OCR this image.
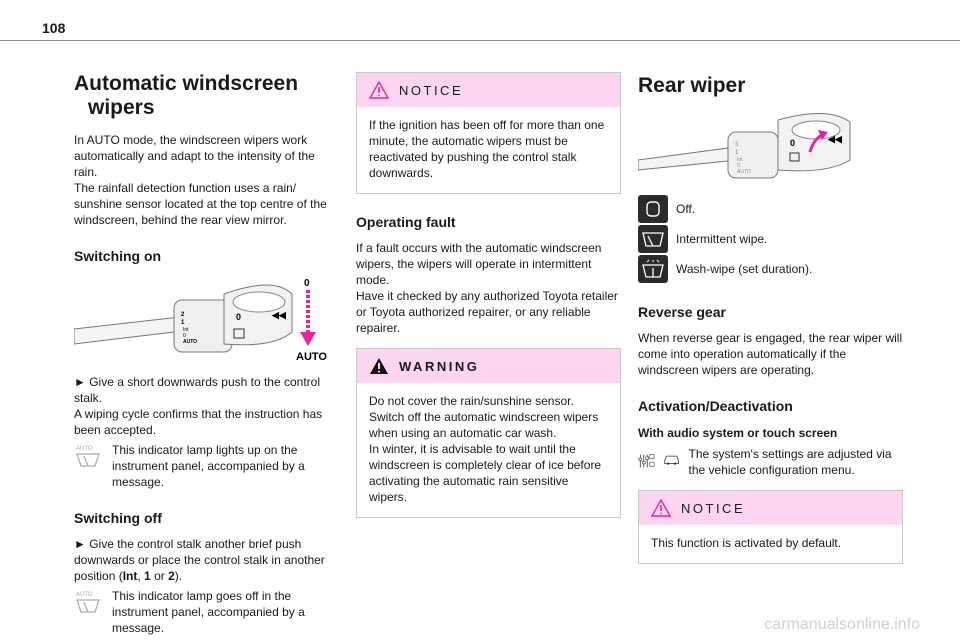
108
Automatic windscreen
wipers

In AUTO mode, the windscreen wipers work automatically and adapt to the intensity of the rain.

The rainfall detection function uses a rain/ sunshine sensor located at the top centre of the windscreen, behind the rear view mirror.

Switching on
0	◀◀
2
1
Int
0
AUTO
0
AUTO

► Give a short downwards push to the control stalk.

A wiping cycle confirms that the instruction has been accepted.

AUTO This indicator lamp lights up on the instrument panel, accompanied by a message.

Switching off

► Give the control stalk another brief push downwards or place the control stalk in another position (Int, 1 or 2).

AUTO This indicator lamp goes off in the instrument panel, accompanied by a message.

NOTICE

If the ignition has been off for more than one minute, the automatic wipers must be reactivated by pushing the control stalk downwards.

Operating fault

If a fault occurs with the automatic windscreen wipers, the wipers will operate in intermittent mode.

Have it checked by any authorized Toyota retailer or Toyota authorized repairer, or any reliable repairer.

WARNING

Do not cover the rain/sunshine sensor.

Switch off the automatic windscreen wipers when using an automatic car wash.

In winter, it is advisable to wait until the windscreen is completely clear of ice before activating the automatic rain sensitive wipers.

Rear wiper
0	◀◀
3
1
Int
0
AUTO

Off.

Intermittent wipe.

Wash-wipe (set duration).

Reverse gear

When reverse gear is engaged, the rear wiper will come into operation automatically if the windscreen wipers are operating.

Activation/Deactivation
With audio system or touch screen

The system's settings are adjusted via the vehicle configuration menu.

NOTICE

This function is activated by default.

carmanualsonline.info
